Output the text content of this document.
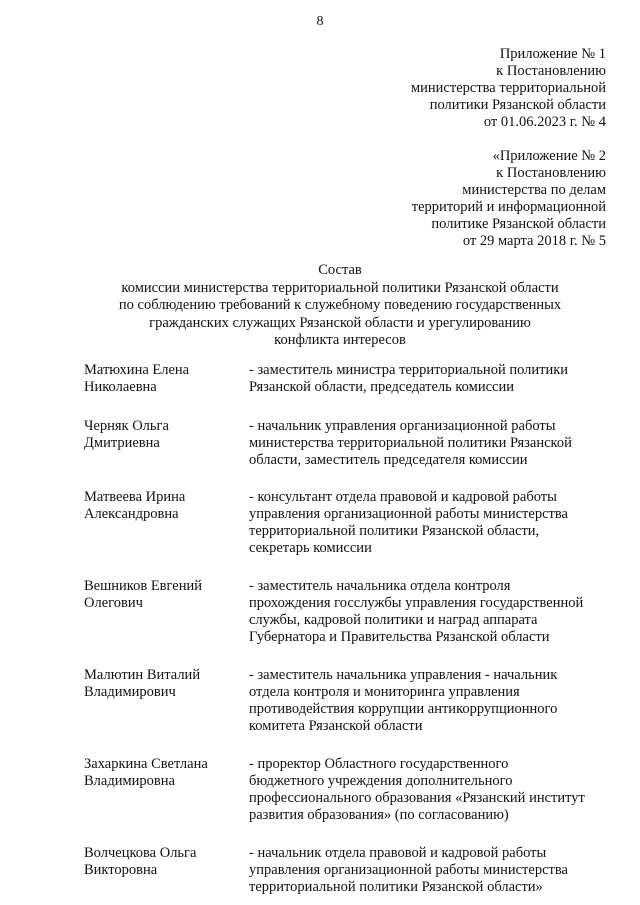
8
Приложение № 1
к Постановлению
министерства территориальной
политики Рязанской области
от 01.06.2023 г. № 4
«Приложение № 2
к Постановлению
министерства по делам
территорий и информационной
политике Рязанской области
от 29 марта 2018 г. № 5
Состав
комиссии министерства территориальной политики Рязанской области
по соблюдению требований к служебному поведению государственных
гражданских служащих Рязанской области и урегулированию
конфликта интересов
Матюхина Елена
Николаевна
- заместитель министра территориальной политики
Рязанской области, председатель комиссии
Черняк Ольга
Дмитриевна
- начальник управления организационной работы
министерства территориальной политики Рязанской
области, заместитель председателя комиссии
Матвеева Ирина
Александровна
- консультант отдела правовой и кадровой работы
управления организационной работы министерства
территориальной политики Рязанской области,
секретарь комиссии
Вешников Евгений
Олегович
- заместитель начальника отдела контроля
прохождения госслужбы управления государственной
службы, кадровой политики и наград аппарата
Губернатора и Правительства Рязанской области
Малютин Виталий
Владимирович
- заместитель начальника управления - начальник
отдела контроля и мониторинга управления
противодействия коррупции антикоррупционного
комитета Рязанской области
Захаркина Светлана
Владимировна
- проректор Областного государственного
бюджетного учреждения дополнительного
профессионального образования «Рязанский институт
развития образования» (по согласованию)
Волчецкова Ольга
Викторовна
- начальник отдела правовой и кадровой работы
управления организационной работы министерства
территориальной политики Рязанской области»
